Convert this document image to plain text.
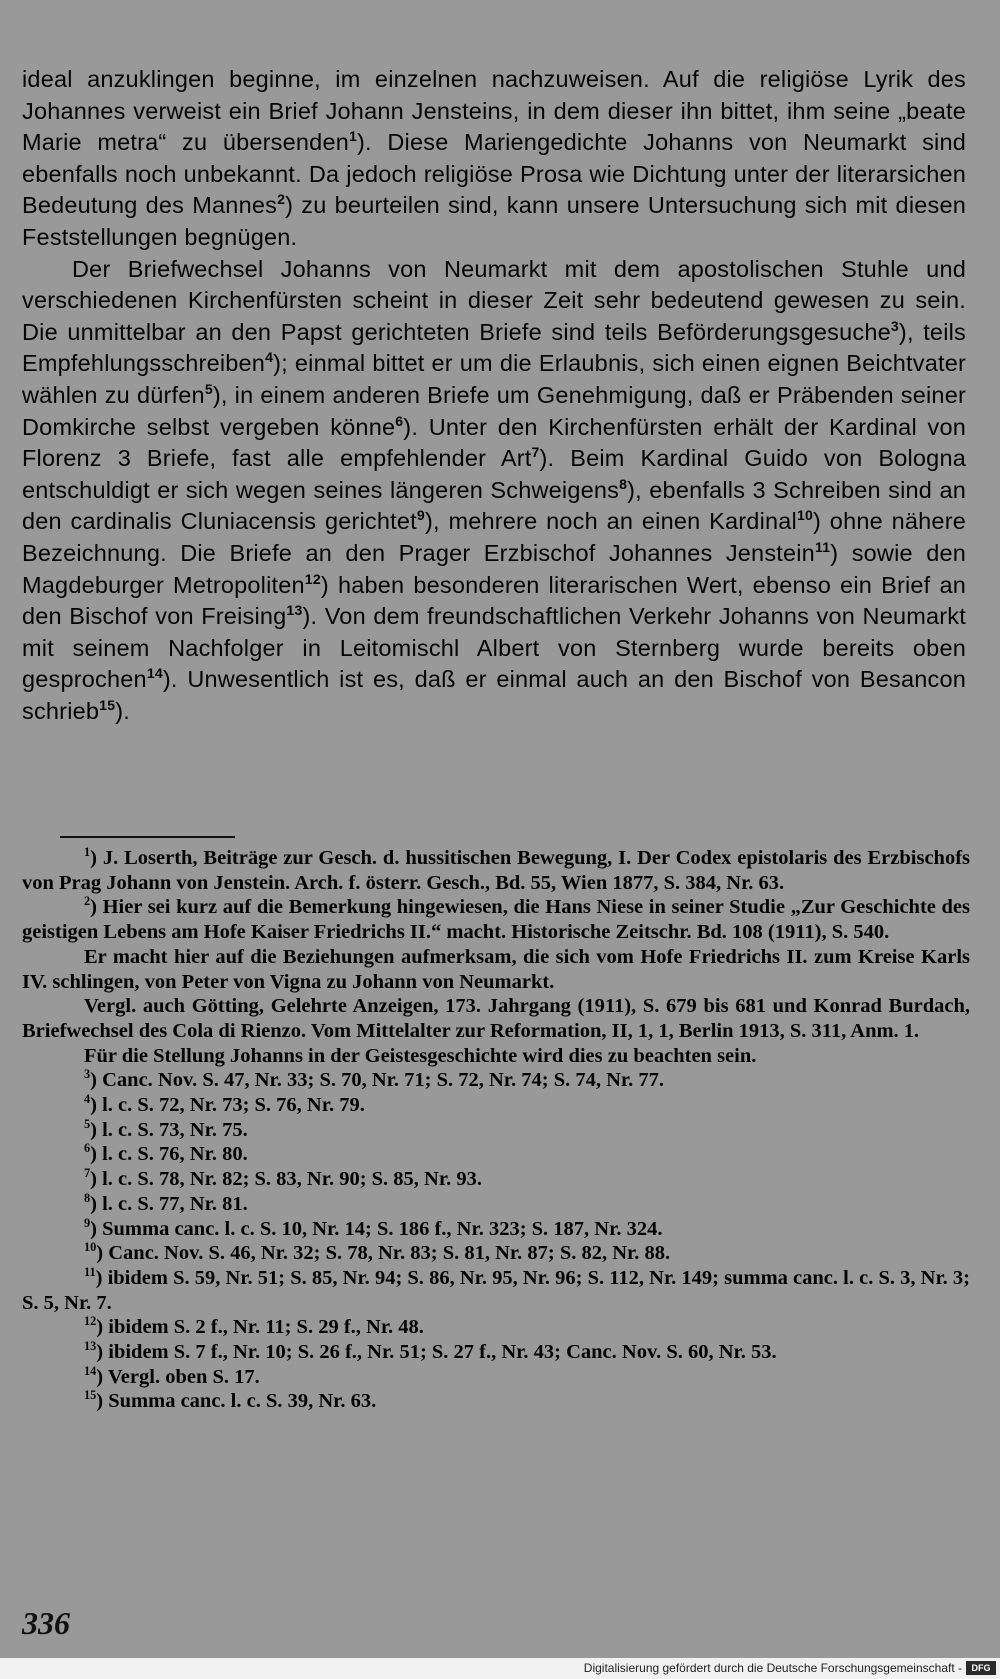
ideal anzuklingen beginne, im einzelnen nachzuweisen. Auf die religiöse Lyrik des Johannes verweist ein Brief Johann Jensteins, in dem dieser ihn bittet, ihm seine „beate Marie metra“ zu übersenden$^1$). Diese Mariengedichte Johanns von Neumarkt sind ebenfalls noch unbekannt. Da jedoch religiöse Prosa wie Dichtung unter der literarsichen Bedeutung des Mannes$^2$) zu beurteilen sind, kann unsere Untersuchung sich mit diesen Feststellungen begnügen.

Der Briefwechsel Johanns von Neumarkt mit dem apostolischen Stuhle und verschiedenen Kirchenfürsten scheint in dieser Zeit sehr bedeutend gewesen zu sein. Die unmittelbar an den Papst gerichteten Briefe sind teils Beförderungsgesuche$^3$), teils Empfehlungsschreiben$^4$); einmal bittet er um die Erlaubnis, sich einen eignen Beichtvater wählen zu dürfen$^5$), in einem anderen Briefe um Genehmigung, daß er Präbenden seiner Domkirche selbst vergeben könne$^6$). Unter den Kirchenfürsten erhält der Kardinal von Florenz 3 Briefe, fast alle empfehlender Art$^7$). Beim Kardinal Guido von Bologna entschuldigt er sich wegen seines längeren Schweigens$^8$), ebenfalls 3 Schreiben sind an den cardinalis Cluniacensis gerichtet$^9$), mehrere noch an einen Kardinal$^{10}$) ohne nähere Bezeichnung. Die Briefe an den Prager Erzbischof Johannes Jenstein$^{11}$) sowie den Magdeburger Metropoliten$^{12}$) haben besonderen literarischen Wert, ebenso ein Brief an den Bischof von Freising$^{13}$). Von dem freundschaftlichen Verkehr Johanns von Neumarkt mit seinem Nachfolger in Leitomischl Albert von Sternberg wurde bereits oben gesprochen$^{14}$). Unwesentlich ist es, daß er einmal auch an den Bischof von Besancon schrieb$^{15}$).

$^1$) J. Loserth, Beiträge zur Gesch. d. hussitischen Bewegung, I. Der Codex epistolaris des Erzbischofs von Prag Johann von Jenstein. Arch. f. österr. Gesch., Bd. 55, Wien 1877, S. 384, Nr. 63.

$^2$) Hier sei kurz auf die Bemerkung hingewiesen, die Hans Niese in seiner Studie „Zur Geschichte des geistigen Lebens am Hofe Kaiser Friedrichs II.“ macht. Historische Zeitschr. Bd. 108 (1911), S. 540.

Er macht hier auf die Beziehungen aufmerksam, die sich vom Hofe Friedrichs II. zum Kreise Karls IV. schlingen, von Peter von Vigna zu Johann von Neumarkt.

Vergl. auch Götting, Gelehrte Anzeigen, 173. Jahrgang (1911), S. 679 bis 681 und Konrad Burdach, Briefwechsel des Cola di Rienzo. Vom Mittelalter zur Reformation, II, 1, 1, Berlin 1913, S. 311, Anm. 1.

Für die Stellung Johanns in der Geistesgeschichte wird dies zu beachten sein.

$^3$) Canc. Nov. S. 47, Nr. 33; S. 70, Nr. 71; S. 72, Nr. 74; S. 74, Nr. 77.

$^4$) l. c. S. 72, Nr. 73; S. 76, Nr. 79.

$^5$) l. c. S. 73, Nr. 75.

$^6$) l. c. S. 76, Nr. 80.

$^7$) l. c. S. 78, Nr. 82; S. 83, Nr. 90; S. 85, Nr. 93.

$^8$) l. c. S. 77, Nr. 81.

$^9$) Summa canc. l. c. S. 10, Nr. 14; S. 186 f., Nr. 323; S. 187, Nr. 324.

$^{10}$) Canc. Nov. S. 46, Nr. 32; S. 78, Nr. 83; S. 81, Nr. 87; S. 82, Nr. 88.

$^{11}$) ibidem S. 59, Nr. 51; S. 85, Nr. 94; S. 86, Nr. 95, Nr. 96; S. 112, Nr. 149; summa canc. l. c. S. 3, Nr. 3; S. 5, Nr. 7.

$^{12}$) ibidem S. 2 f., Nr. 11; S. 29 f., Nr. 48.

$^{13}$) ibidem S. 7 f., Nr. 10; S. 26 f., Nr. 51; S. 27 f., Nr. 43; Canc. Nov. S. 60, Nr. 53.

$^{14}$) Vergl. oben S. 17.

$^{15}$) Summa canc. l. c. S. 39, Nr. 63.

336
Digitalisierung gefördert durch die Deutsche Forschungsgemeinschaft -	DFG
